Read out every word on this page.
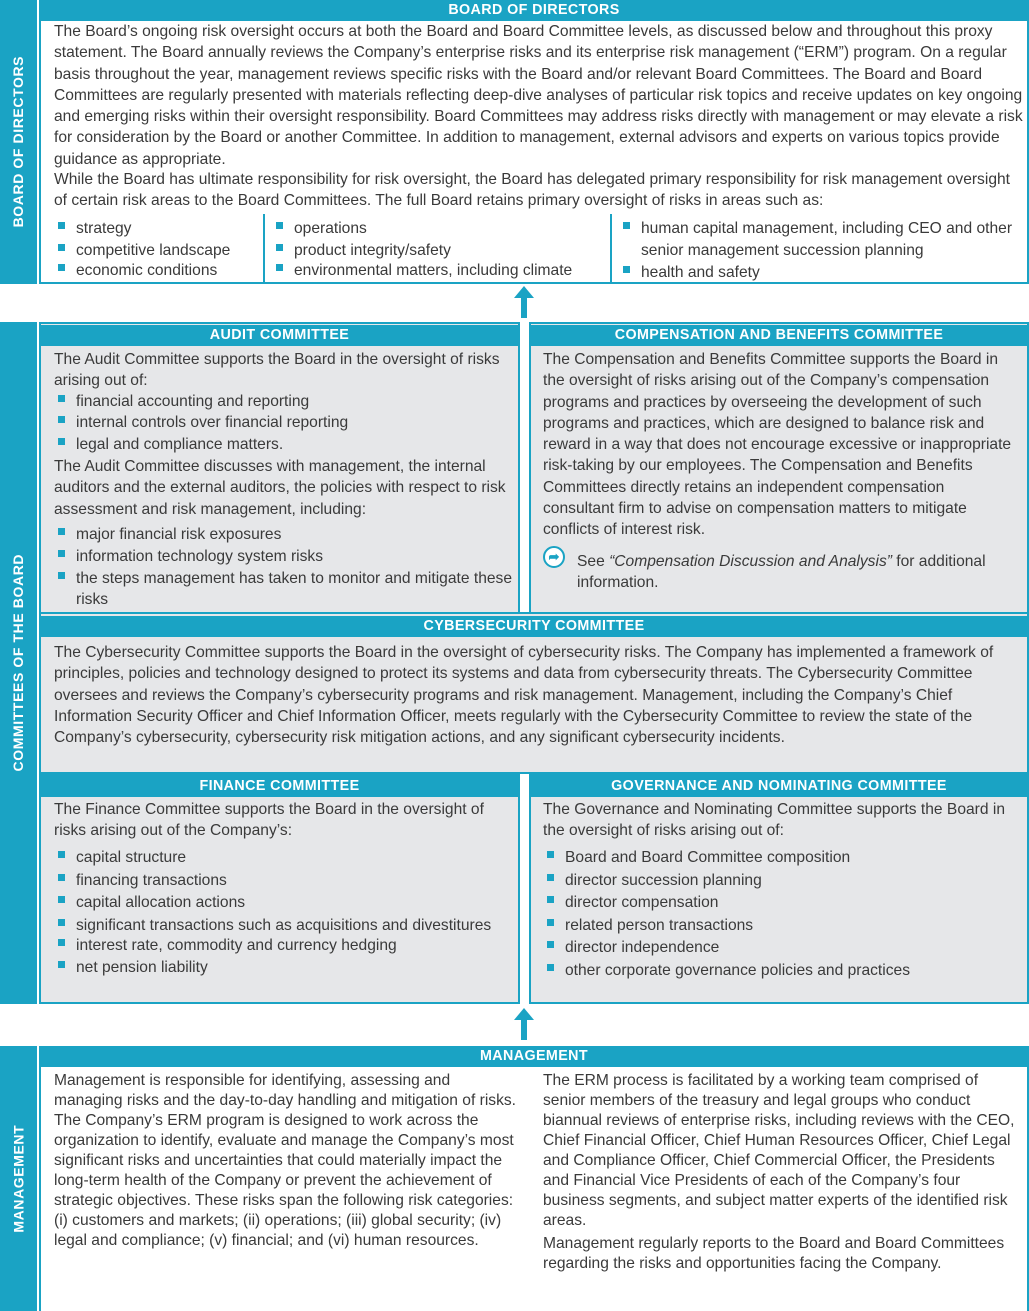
BOARD OF DIRECTORS
BOARD OF DIRECTORS
The Board’s ongoing risk oversight occurs at both the Board and Board Committee levels, as discussed below and throughout this proxy statement. The Board annually reviews the Company’s enterprise risks and its enterprise risk management (“ERM”) program. On a regular basis throughout the year, management reviews specific risks with the Board and/or relevant Board Committees. The Board and Board Committees are regularly presented with materials reflecting deep-dive analyses of particular risk topics and receive updates on key ongoing and emerging risks within their oversight responsibility. Board Committees may address risks directly with management or may elevate a risk for consideration by the Board or another Committee. In addition to management, external advisors and experts on various topics provide guidance as appropriate.
While the Board has ultimate responsibility for risk oversight, the Board has delegated primary responsibility for risk management oversight of certain risk areas to the Board Committees. The full Board retains primary oversight of risks in areas such as:
strategy
competitive landscape
economic conditions
operations
product integrity/safety
environmental matters, including climate
human capital management, including CEO and other senior management succession planning
health and safety
COMMITTEES OF THE BOARD
AUDIT COMMITTEE
The Audit Committee supports the Board in the oversight of risks arising out of:
financial accounting and reporting
internal controls over financial reporting
legal and compliance matters.
The Audit Committee discusses with management, the internal auditors and the external auditors, the policies with respect to risk assessment and risk management, including:
major financial risk exposures
information technology system risks
the steps management has taken to monitor and mitigate these risks
COMPENSATION AND BENEFITS COMMITTEE
The Compensation and Benefits Committee supports the Board in the oversight of risks arising out of the Company’s compensation programs and practices by overseeing the development of such programs and practices, which are designed to balance risk and reward in a way that does not encourage excessive or inappropriate risk-taking by our employees. The Compensation and Benefits Committees directly retains an independent compensation consultant firm to advise on compensation matters to mitigate conflicts of interest risk.
➦	See “Compensation Discussion and Analysis” for additional information.
CYBERSECURITY COMMITTEE
The Cybersecurity Committee supports the Board in the oversight of cybersecurity risks. The Company has implemented a framework of principles, policies and technology designed to protect its systems and data from cybersecurity threats. The Cybersecurity Committee oversees and reviews the Company’s cybersecurity programs and risk management. Management, including the Company’s Chief Information Security Officer and Chief Information Officer, meets regularly with the Cybersecurity Committee to review the state of the Company’s cybersecurity, cybersecurity risk mitigation actions, and any significant cybersecurity incidents.
FINANCE COMMITTEE
The Finance Committee supports the Board in the oversight of risks arising out of the Company’s:
capital structure
financing transactions
capital allocation actions
significant transactions such as acquisitions and divestitures
interest rate, commodity and currency hedging
net pension liability
GOVERNANCE AND NOMINATING COMMITTEE
The Governance and Nominating Committee supports the Board in the oversight of risks arising out of:
Board and Board Committee composition
director succession planning
director compensation
related person transactions
director independence
other corporate governance policies and practices
MANAGEMENT
MANAGEMENT
Management is responsible for identifying, assessing and managing risks and the day-to-day handling and mitigation of risks. The Company’s ERM program is designed to work across the organization to identify, evaluate and manage the Company’s most significant risks and uncertainties that could materially impact the long-term health of the Company or prevent the achievement of strategic objectives. These risks span the following risk categories: (i) customers and markets; (ii) operations; (iii) global security; (iv) legal and compliance; (v) financial; and (vi) human resources.
The ERM process is facilitated by a working team comprised of senior members of the treasury and legal groups who conduct biannual reviews of enterprise risks, including reviews with the CEO, Chief Financial Officer, Chief Human Resources Officer, Chief Legal and Compliance Officer, Chief Commercial Officer, the Presidents and Financial Vice Presidents of each of the Company’s four business segments, and subject matter experts of the identified risk areas.
Management regularly reports to the Board and Board Committees regarding the risks and opportunities facing the Company.
